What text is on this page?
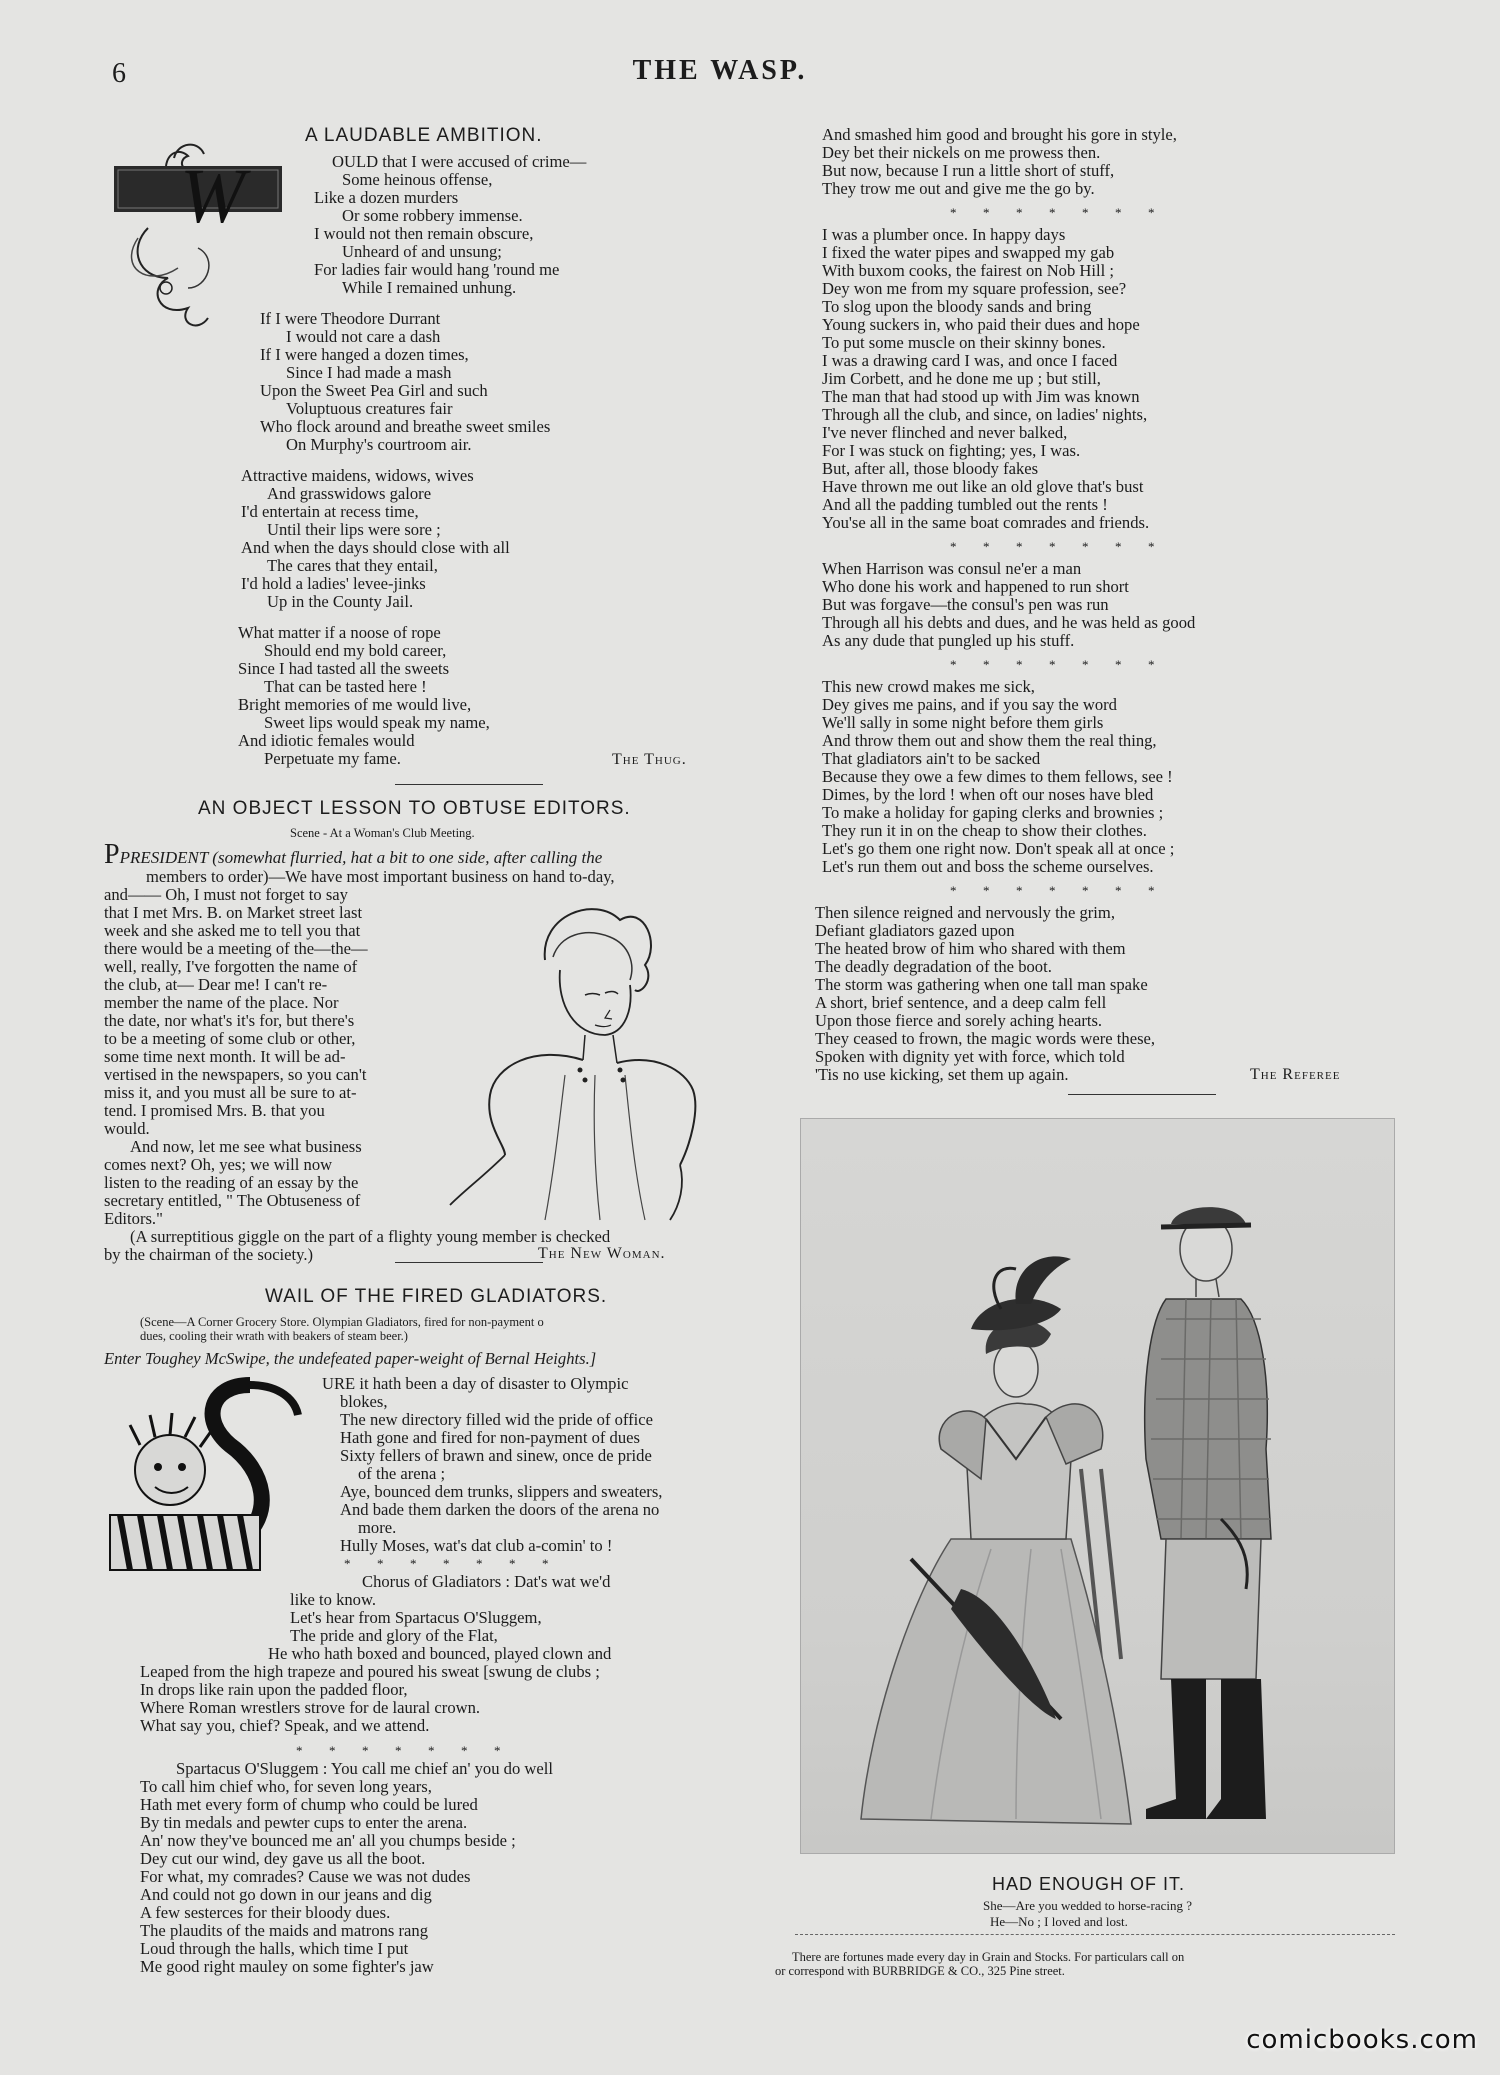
6	THE WASP.
A LAUDABLE AMBITION.
W	OULD that I were accused of crime—
Some heinous offense,
Like a dozen murders
Or some robbery immense.
I would not then remain obscure,
Unheard of and unsung;
For ladies fair would hang 'round me
While I remained unhung.
If I were Theodore Durrant
I would not care a dash
If I were hanged a dozen times,
Since I had made a mash
Upon the Sweet Pea Girl and such
Voluptuous creatures fair
Who flock around and breathe sweet smiles
On Murphy's courtroom air.
Attractive maidens, widows, wives
And grasswidows galore
I'd entertain at recess time,
Until their lips were sore ;
And when the days should close with all
The cares that they entail,
I'd hold a ladies' levee-jinks
Up in the County Jail.
What matter if a noose of rope
Should end my bold career,
Since I had tasted all the sweets
That can be tasted here !
Bright memories of me would live,
Sweet lips would speak my name,
And idiotic females would
Perpetuate my fame.	The Thug.
AN OBJECT LESSON TO OBTUSE EDITORS.
Scene - At a Woman's Club Meeting.
PPRESIDENT (somewhat flurried, hat a bit to one side, after calling the
members to order)—We have most important business on hand to-day,
and—— Oh, I must not forget to say
that I met Mrs. B. on Market street last
week and she asked me to tell you that
there would be a meeting of the—the—
well, really, I've forgotten the name of
the club, at— Dear me! I can't re-
member the name of the place. Nor
the date, nor what's it's for, but there's
to be a meeting of some club or other,
some time next month. It will be ad-
vertised in the newspapers, so you can't
miss it, and you must all be sure to at-
tend. I promised Mrs. B. that you
would.
And now, let me see what business
comes next? Oh, yes; we will now
listen to the reading of an essay by the
secretary entitled, " The Obtuseness of
Editors."
(A surreptitious giggle on the part of a flighty young member is checked
by the chairman of the society.)	The New Woman.
WAIL OF THE FIRED GLADIATORS.
(Scene—A Corner Grocery Store. Olympian Gladiators, fired for non-payment o
dues, cooling their wrath with beakers of steam beer.)
Enter Toughey McSwipe, the undefeated paper-weight of Bernal Heights.]
URE it hath been a day of disaster to Olympic
blokes,
The new directory filled wid the pride of office
Hath gone and fired for non-payment of dues
Sixty fellers of brawn and sinew, once de pride
of the arena ;
Aye, bounced dem trunks, slippers and sweaters,
And bade them darken the doors of the arena no
more.
Hully Moses, wat's dat club a-comin' to !
*      *      *      *      *      *      *
Chorus of Gladiators : Dat's wat we'd
like to know.
Let's hear from Spartacus O'Sluggem,
The pride and glory of the Flat,
He who hath boxed and bounced, played clown and
Leaped from the high trapeze and poured his sweat [swung de clubs ;
In drops like rain upon the padded floor,
Where Roman wrestlers strove for de laural crown.
What say you, chief? Speak, and we attend.
*      *      *      *      *      *      *
Spartacus O'Sluggem : You call me chief an' you do well
To call him chief who, for seven long years,
Hath met every form of chump who could be lured
By tin medals and pewter cups to enter the arena.
An' now they've bounced me an' all you chumps beside ;
Dey cut our wind, dey gave us all the boot.
For what, my comrades? Cause we was not dudes
And could not go down in our jeans and dig
A few sesterces for their bloody dues.
The plaudits of the maids and matrons rang
Loud through the halls, which time I put
Me good right mauley on some fighter's jaw
And smashed him good and brought his gore in style,
Dey bet their nickels on me prowess then.
But now, because I run a little short of stuff,
They trow me out and give me the go by.
*      *      *      *      *      *      *
I was a plumber once. In happy days
I fixed the water pipes and swapped my gab
With buxom cooks, the fairest on Nob Hill ;
Dey won me from my square profession, see?
To slog upon the bloody sands and bring
Young suckers in, who paid their dues and hope
To put some muscle on their skinny bones.
I was a drawing card I was, and once I faced
Jim Corbett, and he done me up ; but still,
The man that had stood up with Jim was known
Through all the club, and since, on ladies' nights,
I've never flinched and never balked,
For I was stuck on fighting; yes, I was.
But, after all, those bloody fakes
Have thrown me out like an old glove that's bust
And all the padding tumbled out the rents !
You'se all in the same boat comrades and friends.
*      *      *      *      *      *      *
When Harrison was consul ne'er a man
Who done his work and happened to run short
But was forgave—the consul's pen was run
Through all his debts and dues, and he was held as good
As any dude that pungled up his stuff.
*      *      *      *      *      *      *
This new crowd makes me sick,
Dey gives me pains, and if you say the word
We'll sally in some night before them girls
And throw them out and show them the real thing,
That gladiators ain't to be sacked
Because they owe a few dimes to them fellows, see !
Dimes, by the lord ! when oft our noses have bled
To make a holiday for gaping clerks and brownies ;
They run it in on the cheap to show their clothes.
Let's go them one right now. Don't speak all at once ;
Let's run them out and boss the scheme ourselves.
*      *      *      *      *      *      *
Then silence reigned and nervously the grim,
Defiant gladiators gazed upon
The heated brow of him who shared with them
The deadly degradation of the boot.
The storm was gathering when one tall man spake
A short, brief sentence, and a deep calm fell
Upon those fierce and sorely aching hearts.
They ceased to frown, the magic words were these,
Spoken with dignity yet with force, which told
'Tis no use kicking, set them up again.	The Referee
HAD ENOUGH OF IT.
She—Are you wedded to horse-racing ?
He—No ; I loved and lost.
There are fortunes made every day in Grain and Stocks. For particulars call on
or correspond with BURBRIDGE & CO., 325 Pine street.
comicbooks.com
